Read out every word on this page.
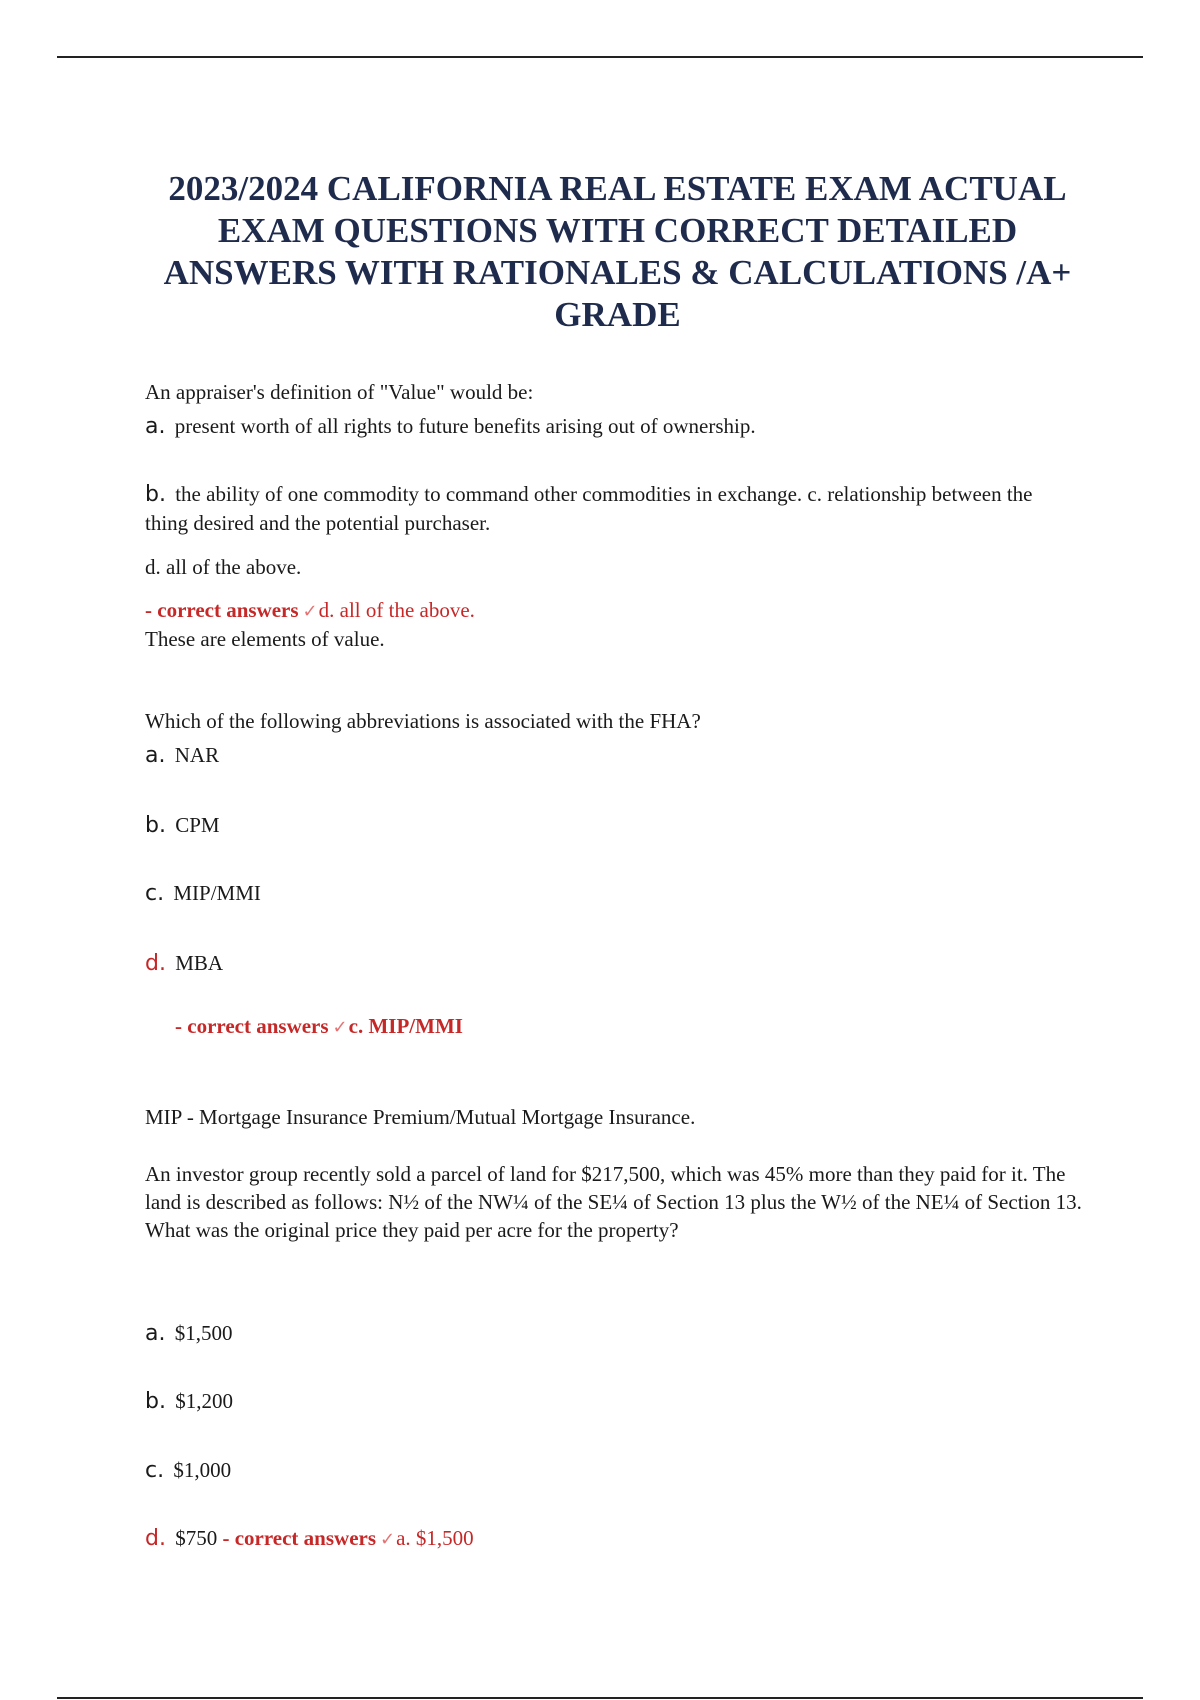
2023/2024 CALIFORNIA REAL ESTATE EXAM ACTUAL EXAM QUESTIONS WITH CORRECT DETAILED ANSWERS WITH RATIONALES & CALCULATIONS /A+ GRADE

An appraiser's definition of "Value" would be:

a. present worth of all rights to future benefits arising out of ownership.

b. the ability of one commodity to command other commodities in exchange. c. relationship between the thing desired and the potential purchaser.

d. all of the above.

- correct answers ✓d. all of the above.

These are elements of value.

Which of the following abbreviations is associated with the FHA?

a. NAR

b. CPM

c. MIP/MMI

d. MBA

- correct answers ✓c. MIP/MMI

MIP - Mortgage Insurance Premium/Mutual Mortgage Insurance.

An investor group recently sold a parcel of land for $217,500, which was 45% more than they paid for it. The land is described as follows: N½ of the NW¼ of the SE¼ of Section 13 plus the W½ of the NE¼ of Section 13. What was the original price they paid per acre for the property?

a. $1,500

b. $1,200

c. $1,000

d. $750 - correct answers ✓a. $1,500
